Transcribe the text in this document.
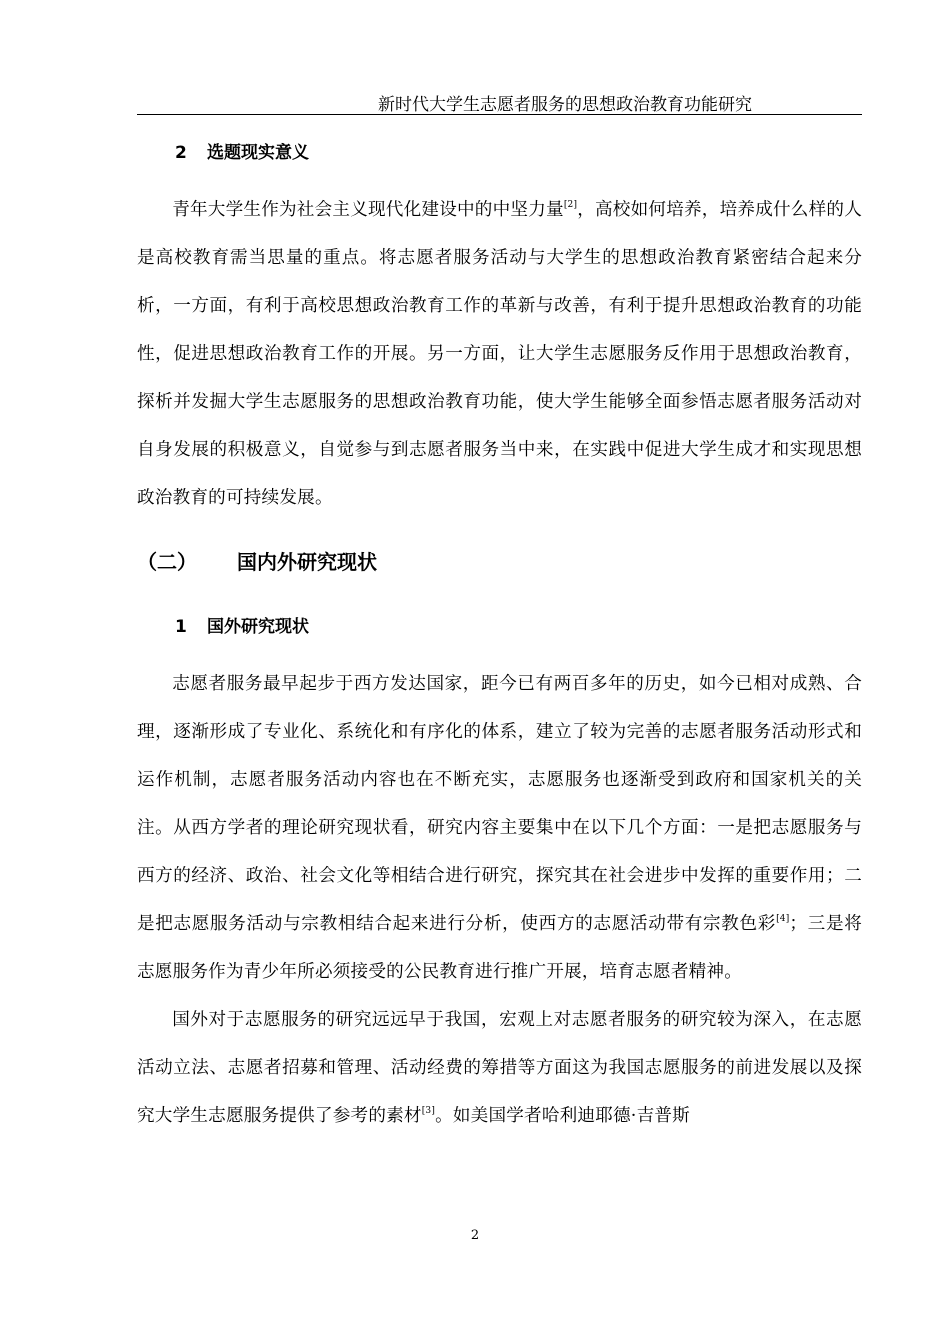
新时代大学生志愿者服务的思想政治教育功能研究
2 选题现实意义

青年大学生作为社会主义现代化建设中的中坚力量[2]，高校如何培养，培养成什么样的人是高校教育需当思量的重点。将志愿者服务活动与大学生的思想政治教育紧密结合起来分析，一方面，有利于高校思想政治教育工作的革新与改善，有利于提升思想政治教育的功能性，促进思想政治教育工作的开展。另一方面，让大学生志愿服务反作用于思想政治教育，探析并发掘大学生志愿服务的思想政治教育功能，使大学生能够全面参悟志愿者服务活动对自身发展的积极意义，自觉参与到志愿者服务当中来，在实践中促进大学生成才和实现思想政治教育的可持续发展。

（二） 国内外研究现状
1 国外研究现状

志愿者服务最早起步于西方发达国家，距今已有两百多年的历史，如今已相对成熟、合理，逐渐形成了专业化、系统化和有序化的体系，建立了较为完善的志愿者服务活动形式和运作机制，志愿者服务活动内容也在不断充实，志愿服务也逐渐受到政府和国家机关的关注。从西方学者的理论研究现状看，研究内容主要集中在以下几个方面：一是把志愿服务与西方的经济、政治、社会文化等相结合进行研究，探究其在社会进步中发挥的重要作用；二是把志愿服务活动与宗教相结合起来进行分析，使西方的志愿活动带有宗教色彩[4]；三是将志愿服务作为青少年所必须接受的公民教育进行推广开展，培育志愿者精神。

国外对于志愿服务的研究远远早于我国，宏观上对志愿者服务的研究较为深入，在志愿活动立法、志愿者招募和管理、活动经费的筹措等方面这为我国志愿服务的前进发展以及探究大学生志愿服务提供了参考的素材[3]。如美国学者哈利迪耶德·吉普斯

2
